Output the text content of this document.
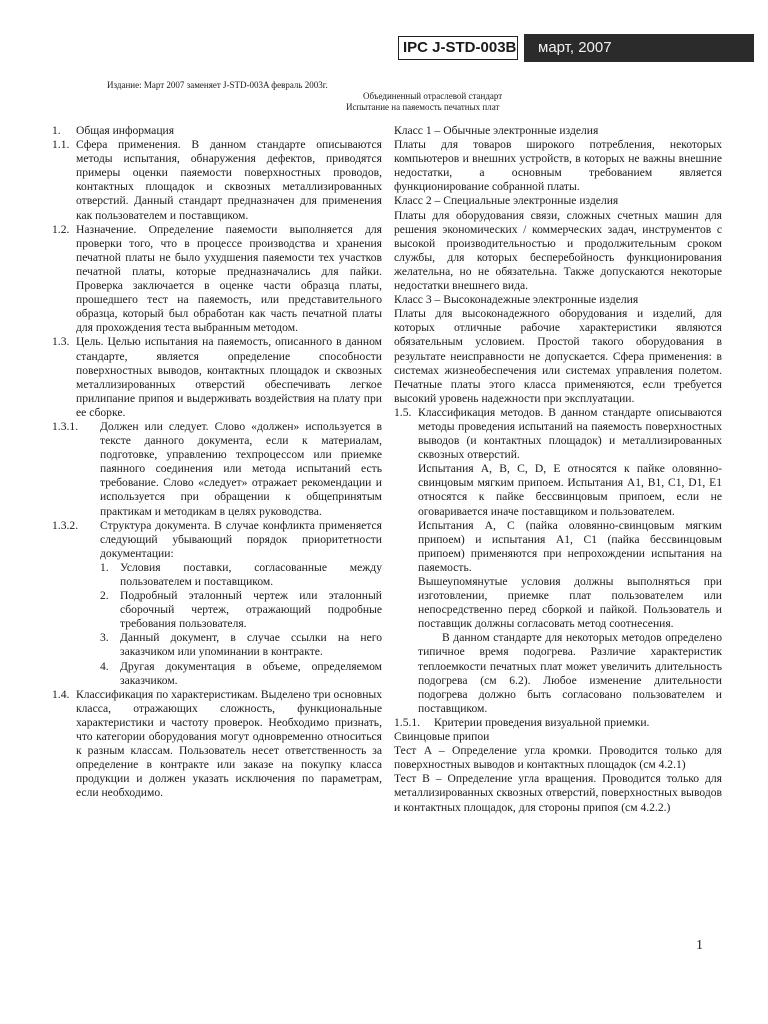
IPC J-STD-003B	март, 2007
Издание: Март 2007 заменяет J-STD-003A февраль 2003г.
Объединенный отраслевой стандарт
Испытание на паяемость печатных плат
1. Общая информация
1.1. Сфера применения. В данном стандарте описываются методы испытания, обнаружения дефектов, приводятся примеры оценки паяемости поверхностных проводов, контактных площадок и сквозных металлизированных отверстий. Данный стандарт предназначен для применения как пользователем и поставщиком.
1.2. Назначение. Определение паяемости выполняется для проверки того, что в процессе производства и хранения печатной платы не было ухудшения паяемости тех участков печатной платы, которые предназначались для пайки. Проверка заключается в оценке части образца платы, прошедшего тест на паяемость, или представительного образца, который был обработан как часть печатной платы для прохождения теста выбранным методом.
1.3. Цель. Целью испытания на паяемость, описанного в данном стандарте, является определение способности поверхностных выводов, контактных площадок и сквозных металлизированных отверстий обеспечивать легкое прилипание припоя и выдерживать воздействия на плату при ее сборке.
1.3.1. Должен или следует. Слово «должен» используется в тексте данного документа, если к материалам, подготовке, управлению техпроцессом или приемке паянного соединения или метода испытаний есть требование. Слово «следует» отражает рекомендации и используется при обращении к общепринятым практикам и методикам в целях руководства.
1.3.2. Структура документа. В случае конфликта применяется следующий убывающий порядок приоритетности документации:
1. Условия поставки, согласованные между пользователем и поставщиком.
2. Подробный эталонный чертеж или эталонный сборочный чертеж, отражающий подробные требования пользователя.
3. Данный документ, в случае ссылки на него заказчиком или упоминании в контракте.
4. Другая документация в объеме, определяемом заказчиком.
1.4. Классификация по характеристикам. Выделено три основных класса, отражающих сложность, функциональные характеристики и частоту проверок. Необходимо признать, что категории оборудования могут одновременно относиться к разным классам. Пользователь несет ответственность за определение в контракте или заказе на покупку класса продукции и должен указать исключения по параметрам, если необходимо.

Класс 1 – Обычные электронные изделия

Платы для товаров широкого потребления, некоторых компьютеров и внешних устройств, в которых не важны внешние недостатки, а основным требованием является функционирование собранной платы.

Класс 2 – Специальные электронные изделия

Платы для оборудования связи, сложных счетных машин для решения экономических / коммерческих задач, инструментов с высокой производительностью и продолжительным сроком службы, для которых бесперебойность функционирования желательна, но не обязательна. Также допускаются некоторые недостатки внешнего вида.

Класс 3 – Высоконадежные электронные изделия

Платы для высоконадежного оборудования и изделий, для которых отличные рабочие характеристики являются обязательным условием. Простой такого оборудования в результате неисправности не допускается. Сфера применения: в системах жизнеобеспечения или системах управления полетом. Печатные платы этого класса применяются, если требуется высокий уровень надежности при эксплуатации.

1.5. Классификация методов. В данном стандарте описываются методы проведения испытаний на паяемость поверхностных выводов (и контактных площадок) и металлизированных сквозных отверстий.

Испытания A, B, C, D, E относятся к пайке оловянно-свинцовым мягким припоем. Испытания A1, B1, C1, D1, E1 относятся к пайке бессвинцовым припоем, если не оговаривается иначе поставщиком и пользователем.

Испытания A, C (пайка оловянно-свинцовым мягким припоем) и испытания A1, C1 (пайка бессвинцовым припоем) применяются при непрохождении испытания на паяемость.

Вышеупомянутые условия должны выполняться при изготовлении, приемке плат пользователем или непосредственно перед сборкой и пайкой. Пользователь и поставщик должны согласовать метод соотнесения.

В данном стандарте для некоторых методов определено типичное время подогрева. Различие характеристик теплоемкости печатных плат может увеличить длительность подогрева (см 6.2). Любое изменение длительности подогрева должно быть согласовано пользователем и поставщиком.

1.5.1. Критерии проведения визуальной приемки.

Свинцовые припои

Тест A – Определение угла кромки. Проводится только для поверхностных выводов и контактных площадок (см 4.2.1)

Тест B – Определение угла вращения. Проводится только для металлизированных сквозных отверстий, поверхностных выводов и контактных площадок, для стороны припоя (см 4.2.2.)

1
